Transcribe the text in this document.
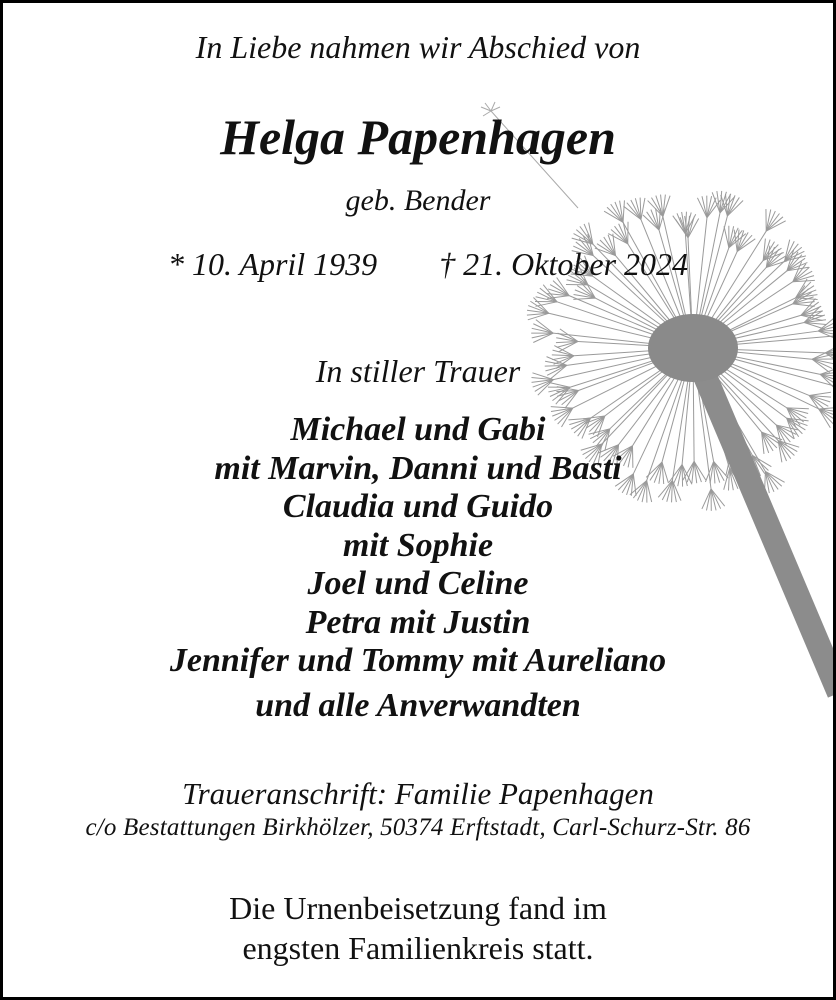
In Liebe nahmen wir Abschied von
Helga Papenhagen
geb. Bender
* 10. April 1939 † 21. Oktober 2024
In stiller Trauer
Michael und Gabi
mit Marvin, Danni und Basti
Claudia und Guido
mit Sophie
Joel und Celine
Petra mit Justin
Jennifer und Tommy mit Aureliano
und alle Anverwandten
Traueranschrift: Familie Papenhagen
c/o Bestattungen Birkhölzer, 50374 Erftstadt, Carl-Schurz-Str. 86
Die Urnenbeisetzung fand im
engsten Familienkreis statt.
